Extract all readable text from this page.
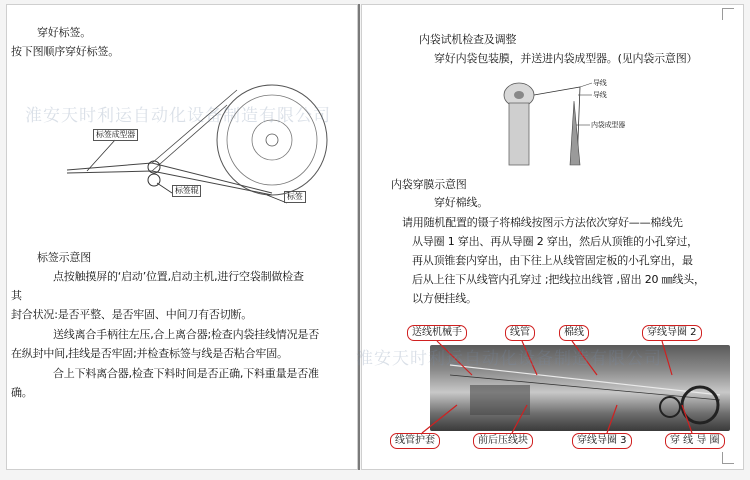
穿好标签。
按下图顺序穿好标签。
标签成型器
标签辊
标签
标签示意图
点按触摸屏的‘启动’位置,启动主机,进行空袋制做检查
其
封合状况:是否平整、是否牢固、中间刀有否切断。
送线离合手柄往左压,合上离合器;检查内袋挂线情况是否
在纵封中间,挂线是否牢固;并检查标签与线是否粘合牢固。
合上下料离合器,检查下料时间是否正确,下料重量是否准
确。
淮安天时利运自动化设备制造有限公司
内袋试机检查及调整
穿好内袋包装膜，并送进内袋成型器。(见内袋示意图）
导线
导线
内袋成型器
内袋穿膜示意图
穿好棉线。
请用随机配置的镊子将棉线按图示方法依次穿好——棉线先
从导圈 1 穿出、再从导圈 2 穿出，然后从顶锥的小孔穿过，
再从顶锥套内穿出，由下往上从线管固定板的小孔穿出，最
后从上往下从线管内孔穿过 ;把线拉出线管 ,留出 20 ㎜线头，
以方便挂线。
送线机械手	线管	棉线	穿线导圈 2
线管护套	前后压线块	穿线导圈 3	穿 线 导 圈
淮安天时利运自动化设备制造有限公司
